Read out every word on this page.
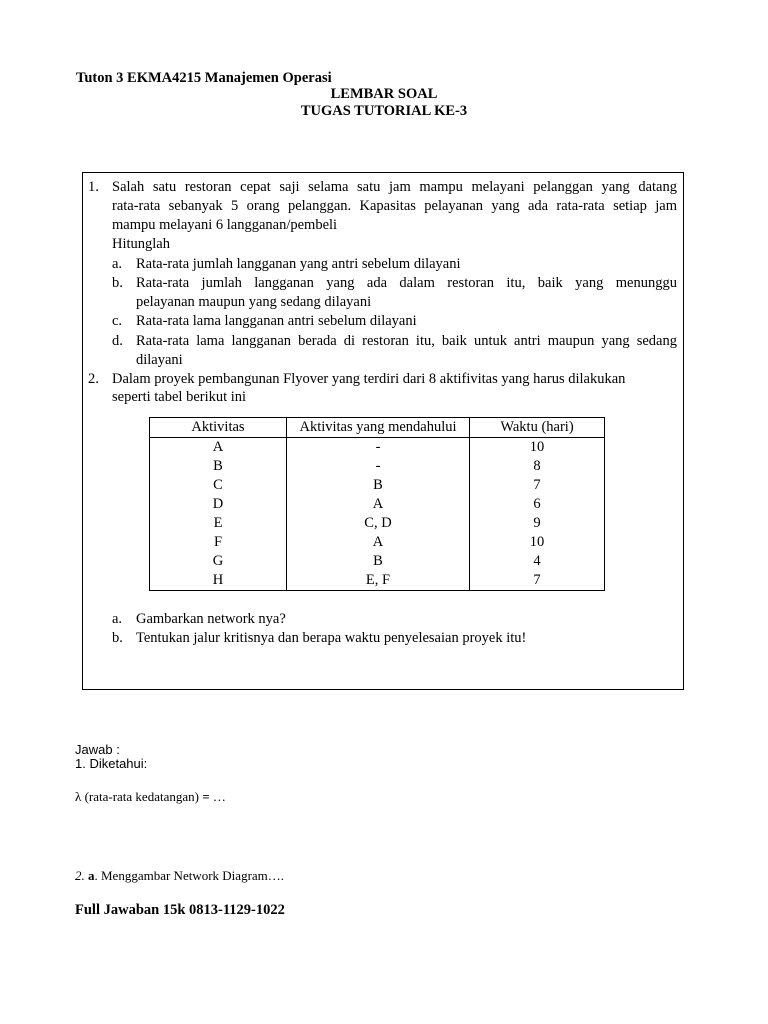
Tuton 3 EKMA4215 Manajemen Operasi
LEMBAR SOAL
TUGAS TUTORIAL KE-3
1. Salah satu restoran cepat saji selama satu jam mampu melayani pelanggan yang datang
rata-rata sebanyak 5 orang pelanggan. Kapasitas pelayanan yang ada rata-rata setiap jam
mampu melayani 6 langganan/pembeli
Hitunglah
a. Rata-rata jumlah langganan yang antri sebelum dilayani
b. Rata-rata jumlah langganan yang ada dalam restoran itu, baik yang menunggu
pelayanan maupun yang sedang dilayani
c. Rata-rata lama langganan antri sebelum dilayani
d. Rata-rata lama langganan berada di restoran itu, baik untuk antri maupun yang sedang
dilayani
2. Dalam proyek pembangunan Flyover yang terdiri dari 8 aktifivitas yang harus dilakukan
seperti tabel berikut ini
Aktivitas	Aktivitas yang mendahului	Waktu (hari)
A	-	10
B	-	8
C	B	7
D	A	6
E	C, D	9
F	A	10
G	B	4
H	E, F	7
a. Gambarkan network nya?
b. Tentukan jalur kritisnya dan berapa waktu penyelesaian proyek itu!
Jawab :
1. Diketahui:
λ (rata-rata kedatangan) = …
2. a. Menggambar Network Diagram….
Full Jawaban 15k 0813-1129-1022
